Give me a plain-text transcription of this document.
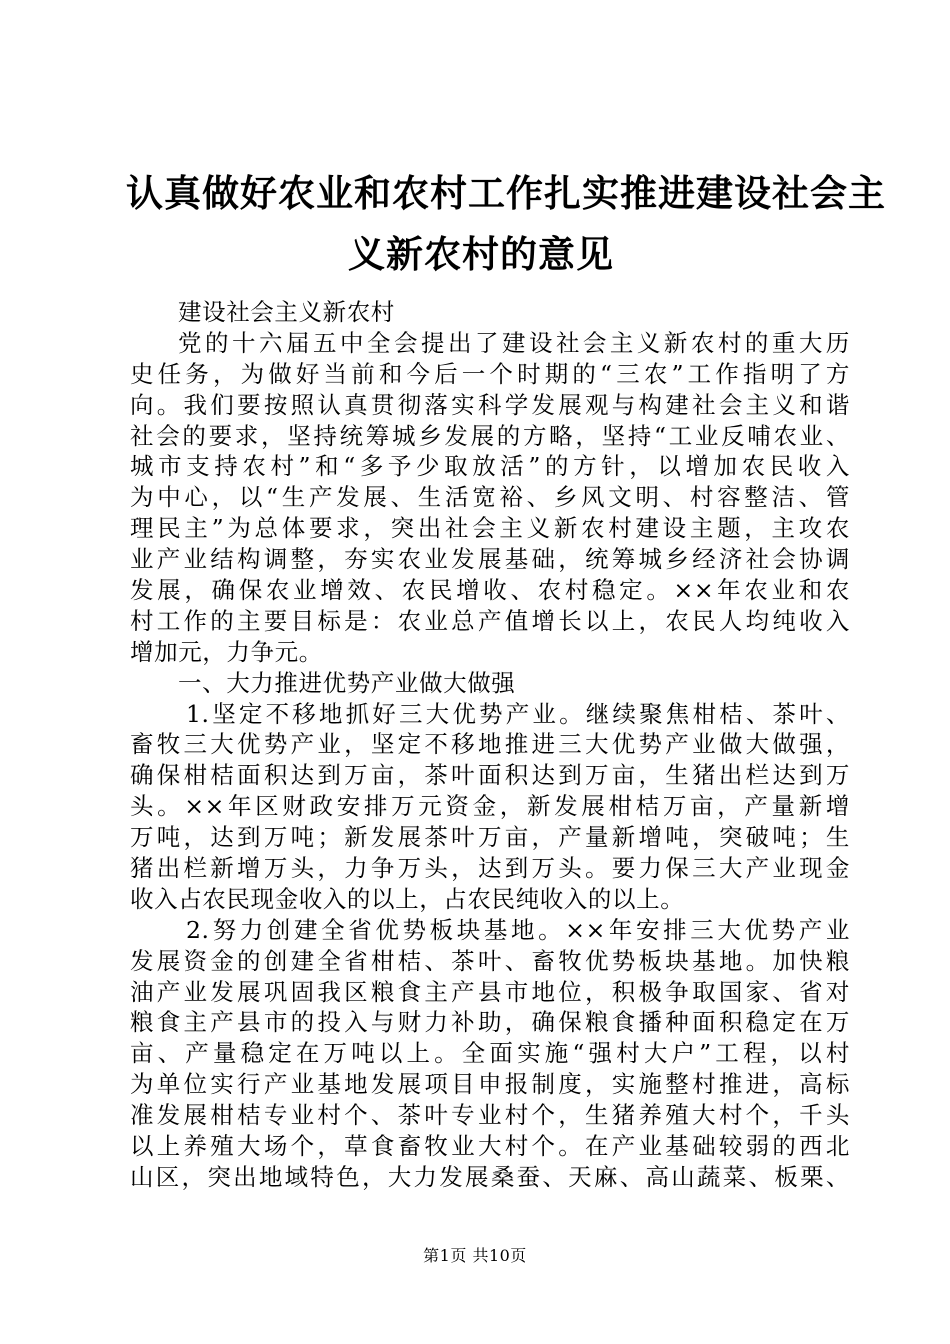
认真做好农业和农村工作扎实推进建设社会主
义新农村的意见
建设社会主义新农村
党的十六届五中全会提出了建设社会主义新农村的重大历
史任务，为做好当前和今后一个时期的“三农”工作指明了方
向。我们要按照认真贯彻落实科学发展观与构建社会主义和谐
社会的要求，坚持统筹城乡发展的方略，坚持“工业反哺农业、
城市支持农村”和“多予少取放活”的方针，以增加农民收入
为中心，以“生产发展、生活宽裕、乡风文明、村容整洁、管
理民主”为总体要求，突出社会主义新农村建设主题，主攻农
业产业结构调整，夯实农业发展基础，统筹城乡经济社会协调
发展，确保农业增效、农民增收、农村稳定。××年农业和农
村工作的主要目标是：农业总产值增长以上，农民人均纯收入
增加元，力争元。
一、大力推进优势产业做大做强
1.坚定不移地抓好三大优势产业。继续聚焦柑桔、茶叶、
畜牧三大优势产业，坚定不移地推进三大优势产业做大做强，
确保柑桔面积达到万亩，茶叶面积达到万亩，生猪出栏达到万
头。××年区财政安排万元资金，新发展柑桔万亩，产量新增
万吨，达到万吨；新发展茶叶万亩，产量新增吨，突破吨；生
猪出栏新增万头，力争万头，达到万头。要力保三大产业现金
收入占农民现金收入的以上，占农民纯收入的以上。
2.努力创建全省优势板块基地。××年安排三大优势产业
发展资金的创建全省柑桔、茶叶、畜牧优势板块基地。加快粮
油产业发展巩固我区粮食主产县市地位，积极争取国家、省对
粮食主产县市的投入与财力补助，确保粮食播种面积稳定在万
亩、产量稳定在万吨以上。全面实施“强村大户”工程，以村
为单位实行产业基地发展项目申报制度，实施整村推进，高标
准发展柑桔专业村个、茶叶专业村个，生猪养殖大村个，千头
以上养殖大场个，草食畜牧业大村个。在产业基础较弱的西北
山区，突出地域特色，大力发展桑蚕、天麻、高山蔬菜、板栗、
第1页 共10页
